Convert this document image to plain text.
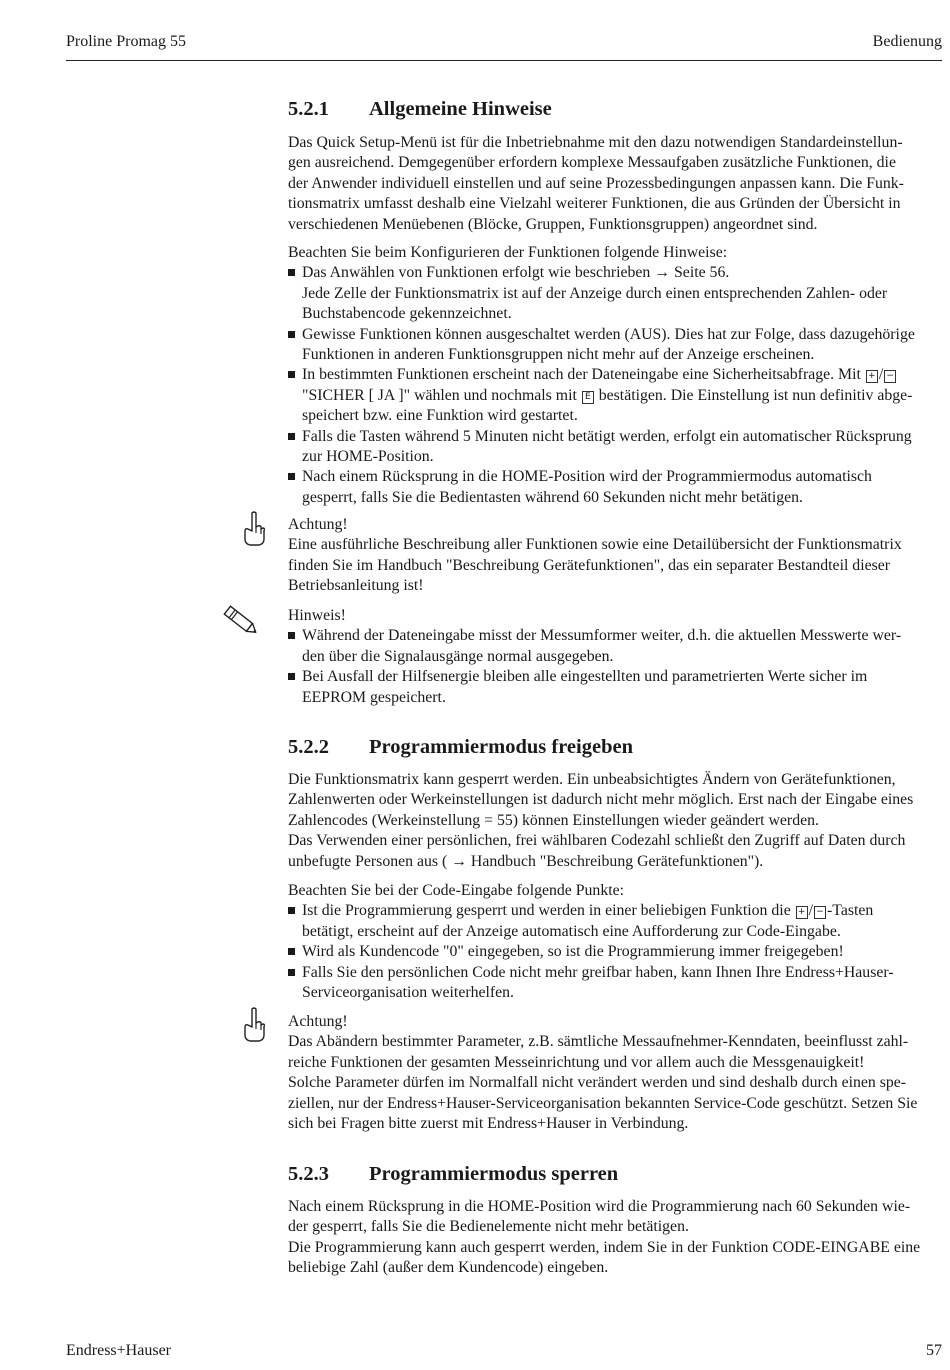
Proline Promag 55	Bedienung
5.2.1 Allgemeine Hinweise

Das Quick Setup-Menü ist für die Inbetriebnahme mit den dazu notwendigen Standardeinstellun-

gen ausreichend. Demgegenüber erfordern komplexe Messaufgaben zusätzliche Funktionen, die

der Anwender individuell einstellen und auf seine Prozessbedingungen anpassen kann. Die Funk-

tionsmatrix umfasst deshalb eine Vielzahl weiterer Funktionen, die aus Gründen der Übersicht in

verschiedenen Menüebenen (Blöcke, Gruppen, Funktionsgruppen) angeordnet sind.

Beachten Sie beim Konfigurieren der Funktionen folgende Hinweise:

Das Anwählen von Funktionen erfolgt wie beschrieben → Seite 56.

Jede Zelle der Funktionsmatrix ist auf der Anzeige durch einen entsprechenden Zahlen- oder

Buchstabencode gekennzeichnet.

Gewisse Funktionen können ausgeschaltet werden (AUS). Dies hat zur Folge, dass dazugehörige

Funktionen in anderen Funktionsgruppen nicht mehr auf der Anzeige erscheinen.

In bestimmten Funktionen erscheint nach der Dateneingabe eine Sicherheitsabfrage. Mit + / −

"SICHER [ JA ]" wählen und nochmals mit E bestätigen. Die Einstellung ist nun definitiv abge-

speichert bzw. eine Funktion wird gestartet.

Falls die Tasten während 5 Minuten nicht betätigt werden, erfolgt ein automatischer Rücksprung

zur HOME-Position.

Nach einem Rücksprung in die HOME-Position wird der Programmiermodus automatisch

gesperrt, falls Sie die Bedientasten während 60 Sekunden nicht mehr betätigen.

Achtung!

Eine ausführliche Beschreibung aller Funktionen sowie eine Detailübersicht der Funktionsmatrix

finden Sie im Handbuch "Beschreibung Gerätefunktionen", das ein separater Bestandteil dieser

Betriebsanleitung ist!

Hinweis!

Während der Dateneingabe misst der Messumformer weiter, d.h. die aktuellen Messwerte wer-

den über die Signalausgänge normal ausgegeben.

Bei Ausfall der Hilfsenergie bleiben alle eingestellten und parametrierten Werte sicher im

EEPROM gespeichert.

5.2.2 Programmiermodus freigeben

Die Funktionsmatrix kann gesperrt werden. Ein unbeabsichtigtes Ändern von Gerätefunktionen,

Zahlenwerten oder Werkeinstellungen ist dadurch nicht mehr möglich. Erst nach der Eingabe eines

Zahlencodes (Werkeinstellung = 55) können Einstellungen wieder geändert werden.

Das Verwenden einer persönlichen, frei wählbaren Codezahl schließt den Zugriff auf Daten durch

unbefugte Personen aus ( → Handbuch "Beschreibung Gerätefunktionen").

Beachten Sie bei der Code-Eingabe folgende Punkte:

Ist die Programmierung gesperrt und werden in einer beliebigen Funktion die + / − -Tasten

betätigt, erscheint auf der Anzeige automatisch eine Aufforderung zur Code-Eingabe.

Wird als Kundencode "0" eingegeben, so ist die Programmierung immer freigegeben!

Falls Sie den persönlichen Code nicht mehr greifbar haben, kann Ihnen Ihre Endress+Hauser-

Serviceorganisation weiterhelfen.

Achtung!

Das Abändern bestimmter Parameter, z.B. sämtliche Messaufnehmer-Kenndaten, beeinflusst zahl-

reiche Funktionen der gesamten Messeinrichtung und vor allem auch die Messgenauigkeit!

Solche Parameter dürfen im Normalfall nicht verändert werden und sind deshalb durch einen spe-

ziellen, nur der Endress+Hauser-Serviceorganisation bekannten Service-Code geschützt. Setzen Sie

sich bei Fragen bitte zuerst mit Endress+Hauser in Verbindung.

5.2.3 Programmiermodus sperren

Nach einem Rücksprung in die HOME-Position wird die Programmierung nach 60 Sekunden wie-

der gesperrt, falls Sie die Bedienelemente nicht mehr betätigen.

Die Programmierung kann auch gesperrt werden, indem Sie in der Funktion CODE-EINGABE eine

beliebige Zahl (außer dem Kundencode) eingeben.

Endress+Hauser	57
